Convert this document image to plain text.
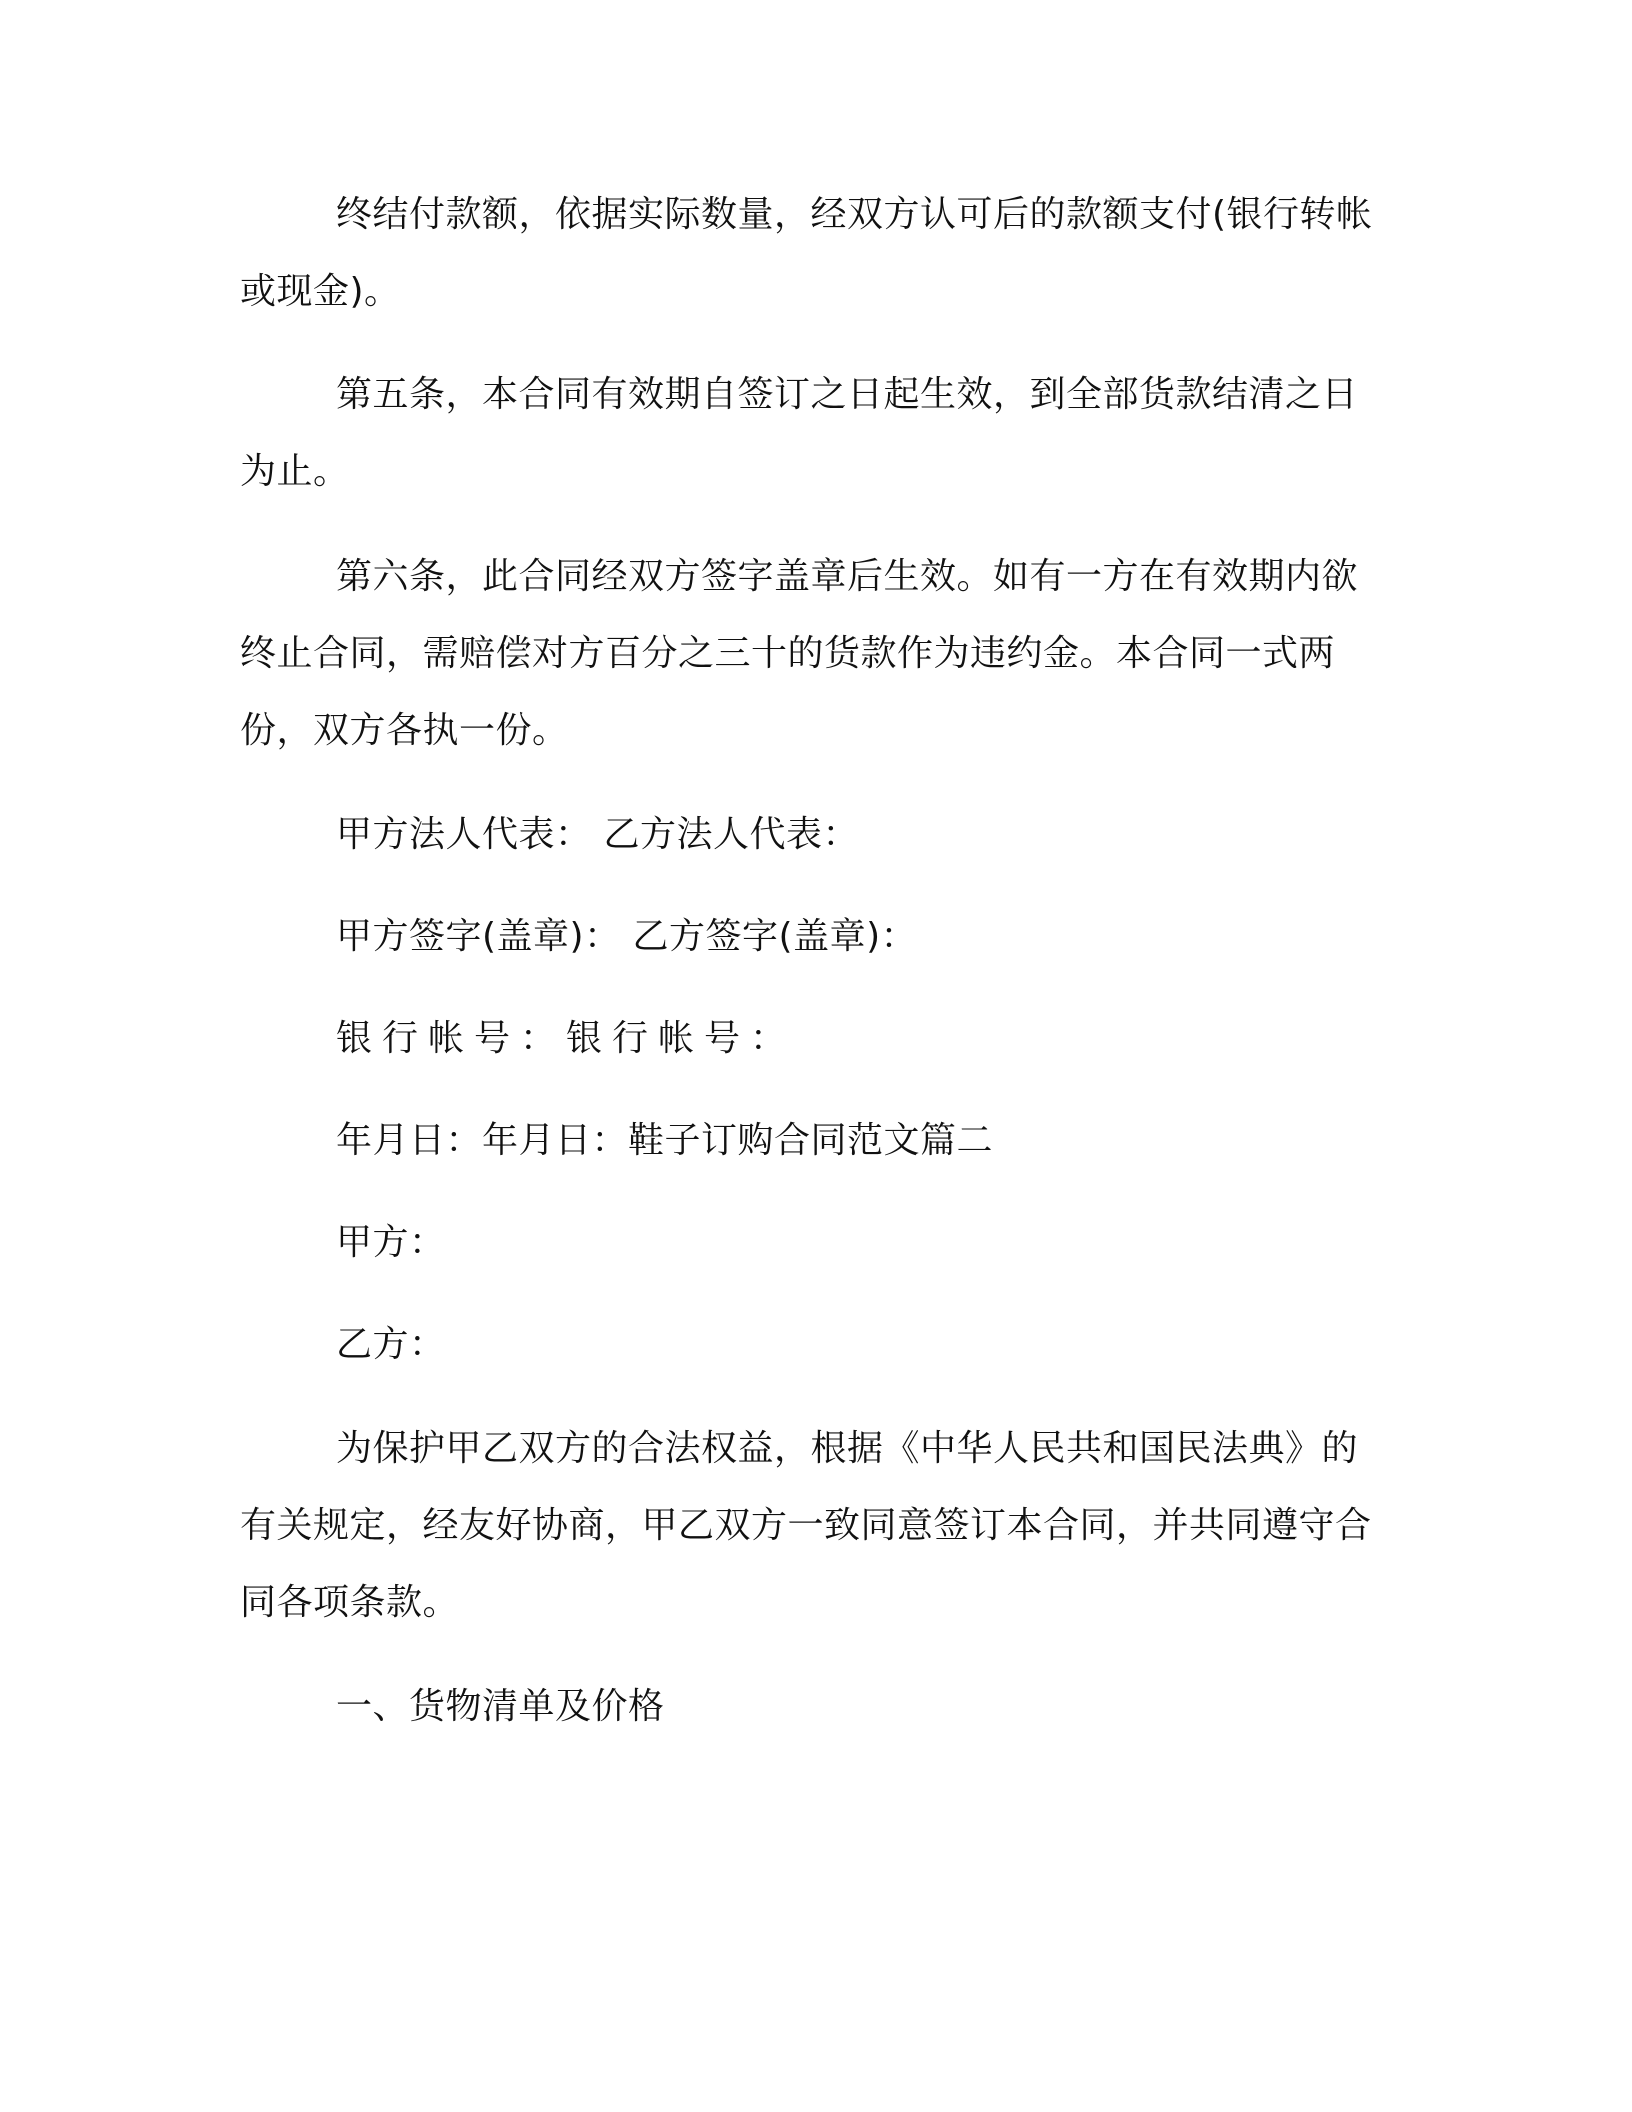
终结付款额，依据实际数量，经双方认可后的款额支付(银行转帐或现金)。

第五条，本合同有效期自签订之日起生效，到全部货款结清之日为止。

第六条，此合同经双方签字盖章后生效。如有一方在有效期内欲终止合同，需赔偿对方百分之三十的货款作为违约金。本合同一式两份，双方各执一份。

甲方法人代表： 乙方法人代表：

甲方签字(盖章)： 乙方签字(盖章)：

银行帐号：银行帐号：

年月日：年月日：鞋子订购合同范文篇二

甲方：

乙方：

为保护甲乙双方的合法权益，根据《中华人民共和国民法典》的有关规定，经友好协商，甲乙双方一致同意签订本合同，并共同遵守合同各项条款。

一、货物清单及价格
